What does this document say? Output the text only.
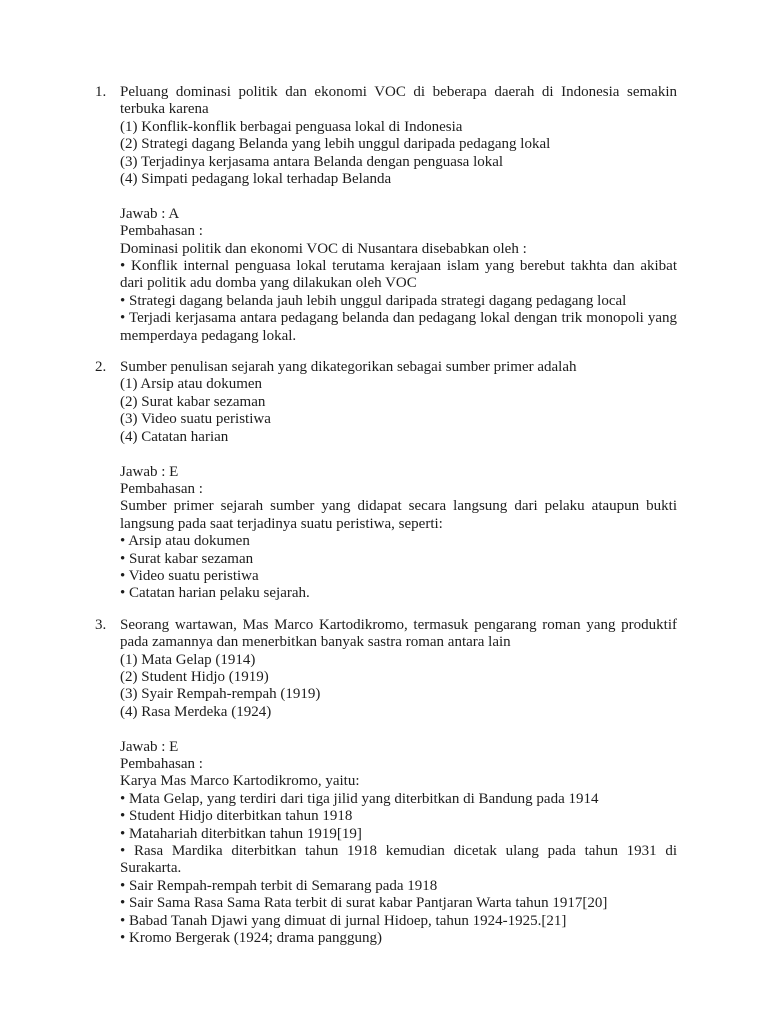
1. Peluang dominasi politik dan ekonomi VOC di beberapa daerah di Indonesia semakin terbuka karena
(1) Konflik-konflik berbagai penguasa lokal di Indonesia
(2) Strategi dagang Belanda yang lebih unggul daripada pedagang lokal
(3) Terjadinya kerjasama antara Belanda dengan penguasa lokal
(4) Simpati pedagang lokal terhadap Belanda
Jawab : A
Pembahasan :
Dominasi politik dan ekonomi VOC di Nusantara disebabkan oleh :
• Konflik internal penguasa lokal terutama kerajaan islam yang berebut takhta dan akibat dari politik adu domba yang dilakukan oleh VOC
• Strategi dagang belanda jauh lebih unggul daripada strategi dagang pedagang local
• Terjadi kerjasama antara pedagang belanda dan pedagang lokal dengan trik monopoli yang memperdaya pedagang lokal.
2. Sumber penulisan sejarah yang dikategorikan sebagai sumber primer adalah
(1) Arsip atau dokumen
(2) Surat kabar sezaman
(3) Video suatu peristiwa
(4) Catatan harian
Jawab : E
Pembahasan :
Sumber primer sejarah sumber yang didapat secara langsung dari pelaku ataupun bukti langsung pada saat terjadinya suatu peristiwa, seperti:
• Arsip atau dokumen
• Surat kabar sezaman
• Video suatu peristiwa
• Catatan harian pelaku sejarah.
3. Seorang wartawan, Mas Marco Kartodikromo, termasuk pengarang roman yang produktif pada zamannya dan menerbitkan banyak sastra roman antara lain
(1) Mata Gelap (1914)
(2) Student Hidjo (1919)
(3) Syair Rempah-rempah (1919)
(4) Rasa Merdeka (1924)
Jawab : E
Pembahasan :
Karya Mas Marco Kartodikromo, yaitu:
• Mata Gelap, yang terdiri dari tiga jilid yang diterbitkan di Bandung pada 1914
• Student Hidjo diterbitkan tahun 1918
• Matahariah diterbitkan tahun 1919[19]
• Rasa Mardika diterbitkan tahun 1918 kemudian dicetak ulang pada tahun 1931 di Surakarta.
• Sair Rempah-rempah terbit di Semarang pada 1918
• Sair Sama Rasa Sama Rata terbit di surat kabar Pantjaran Warta tahun 1917[20]
• Babad Tanah Djawi yang dimuat di jurnal Hidoep, tahun 1924-1925.[21]
• Kromo Bergerak (1924; drama panggung)
